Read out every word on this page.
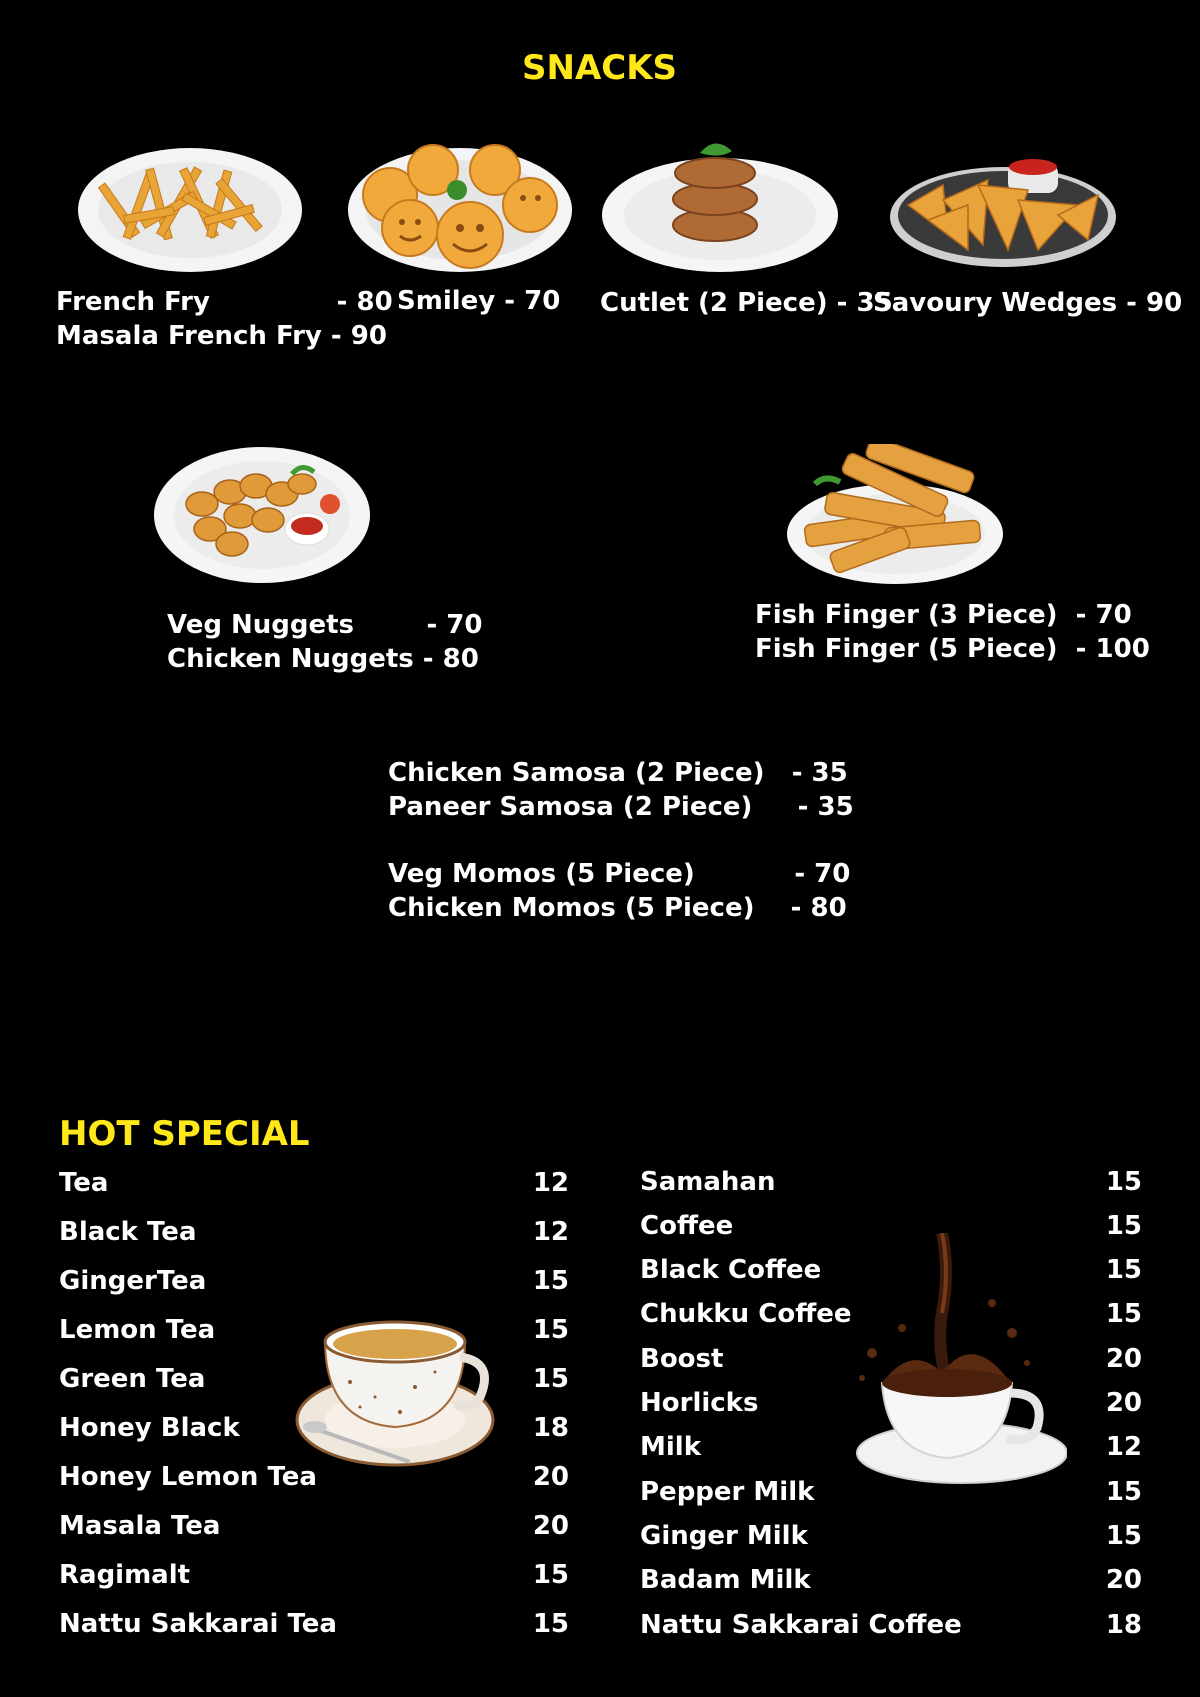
SNACKS
French Fry              - 80
Masala French Fry - 90
Smiley - 70 Cutlet (2 Piece) - 35
Savoury Wedges - 90
Veg Nuggets        - 70
Chicken Nuggets - 80
Fish Finger (3 Piece)  - 70
Fish Finger (5 Piece)  - 100
Chicken Samosa (2 Piece)   - 35
Paneer Samosa (2 Piece)     - 35
Veg Momos (5 Piece)           - 70
Chicken Momos (5 Piece)    - 80
HOT SPECIAL
Tea	12
Black Tea	12
GingerTea	15
Lemon Tea	15
Green Tea	15
Honey Black	18
Honey Lemon Tea	20
Masala Tea	20
Ragimalt	15
Nattu Sakkarai Tea	15
Samahan	15
Coffee	15
Black Coffee	15
Chukku Coffee	15
Boost	20
Horlicks	20
Milk	12
Pepper Milk	15
Ginger Milk	15
Badam Milk	20
Nattu Sakkarai Coffee	18
